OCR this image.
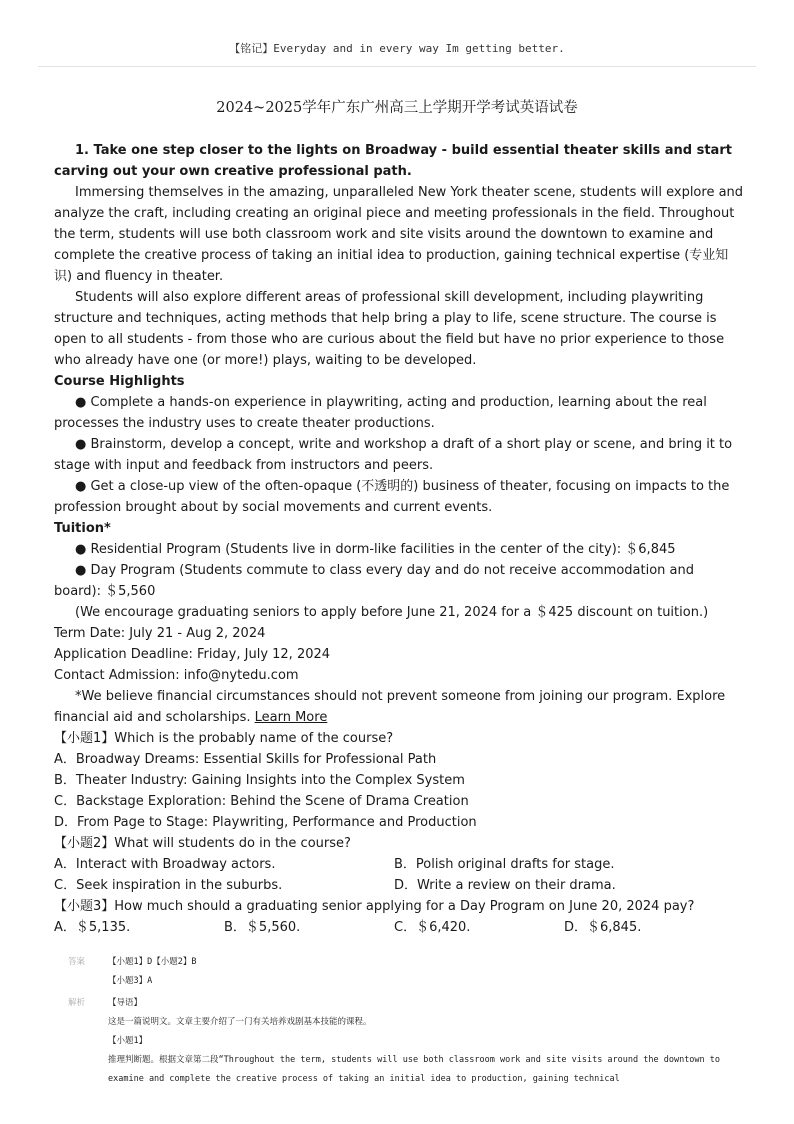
【铭记】Everyday and in every way Im getting better.
2024~2025学年广东广州高三上学期开学考试英语试卷

1. Take one step closer to the lights on Broadway - build essential theater skills and start carving out your own creative professional path.

Immersing themselves in the amazing, unparalleled New York theater scene, students will explore and analyze the craft, including creating an original piece and meeting professionals in the field. Throughout the term, students will use both classroom work and site visits around the downtown to examine and complete the creative process of taking an initial idea to production, gaining technical expertise (专业知识) and fluency in theater.

Students will also explore different areas of professional skill development, including playwriting structure and techniques, acting methods that help bring a play to life, scene structure. The course is open to all students - from those who are curious about the field but have no prior experience to those who already have one (or more!) plays, waiting to be developed.

Course Highlights

● Complete a hands-on experience in playwriting, acting and production, learning about the real processes the industry uses to create theater productions.

● Brainstorm, develop a concept, write and workshop a draft of a short play or scene, and bring it to stage with input and feedback from instructors and peers.

● Get a close-up view of the often-opaque (不透明的) business of theater, focusing on impacts to the profession brought about by social movements and current events.

Tuition*

● Residential Program (Students live in dorm-like facilities in the center of the city): ＄6,845

● Day Program (Students commute to class every day and do not receive accommodation and board): ＄5,560

(We encourage graduating seniors to apply before June 21, 2024 for a ＄425 discount on tuition.)

Term Date: July 21 - Aug 2, 2024

Application Deadline: Friday, July 12, 2024

Contact Admission: info@nytedu.com

*We believe financial circumstances should not prevent someone from joining our program. Explore financial aid and scholarships. Learn More

【小题1】Which is the probably name of the course?

A．Broadway Dreams: Essential Skills for Professional Path

B．Theater Industry: Gaining Insights into the Complex System

C．Backstage Exploration: Behind the Scene of Drama Creation

D．From Page to Stage: Playwriting, Performance and Production

【小题2】What will students do in the course?

A．Interact with Broadway actors.	B．Polish original drafts for stage.
C．Seek inspiration in the suburbs.	D．Write a review on their drama.

【小题3】How much should a graduating senior applying for a Day Program on June 20, 2024 pay?

A．＄5,135.	B．＄5,560.	C．＄6,420.	D．＄6,845.
答案	【小题1】D【小题2】B
【小题3】A
解析	【导语】
这是一篇说明文。文章主要介绍了一门有关培养戏剧基本技能的课程。
【小题1】
推理判断题。根据文章第二段“Throughout the term, students will use both classroom work and site visits around the downtown to examine and complete the creative process of taking an initial idea to production, gaining technical
